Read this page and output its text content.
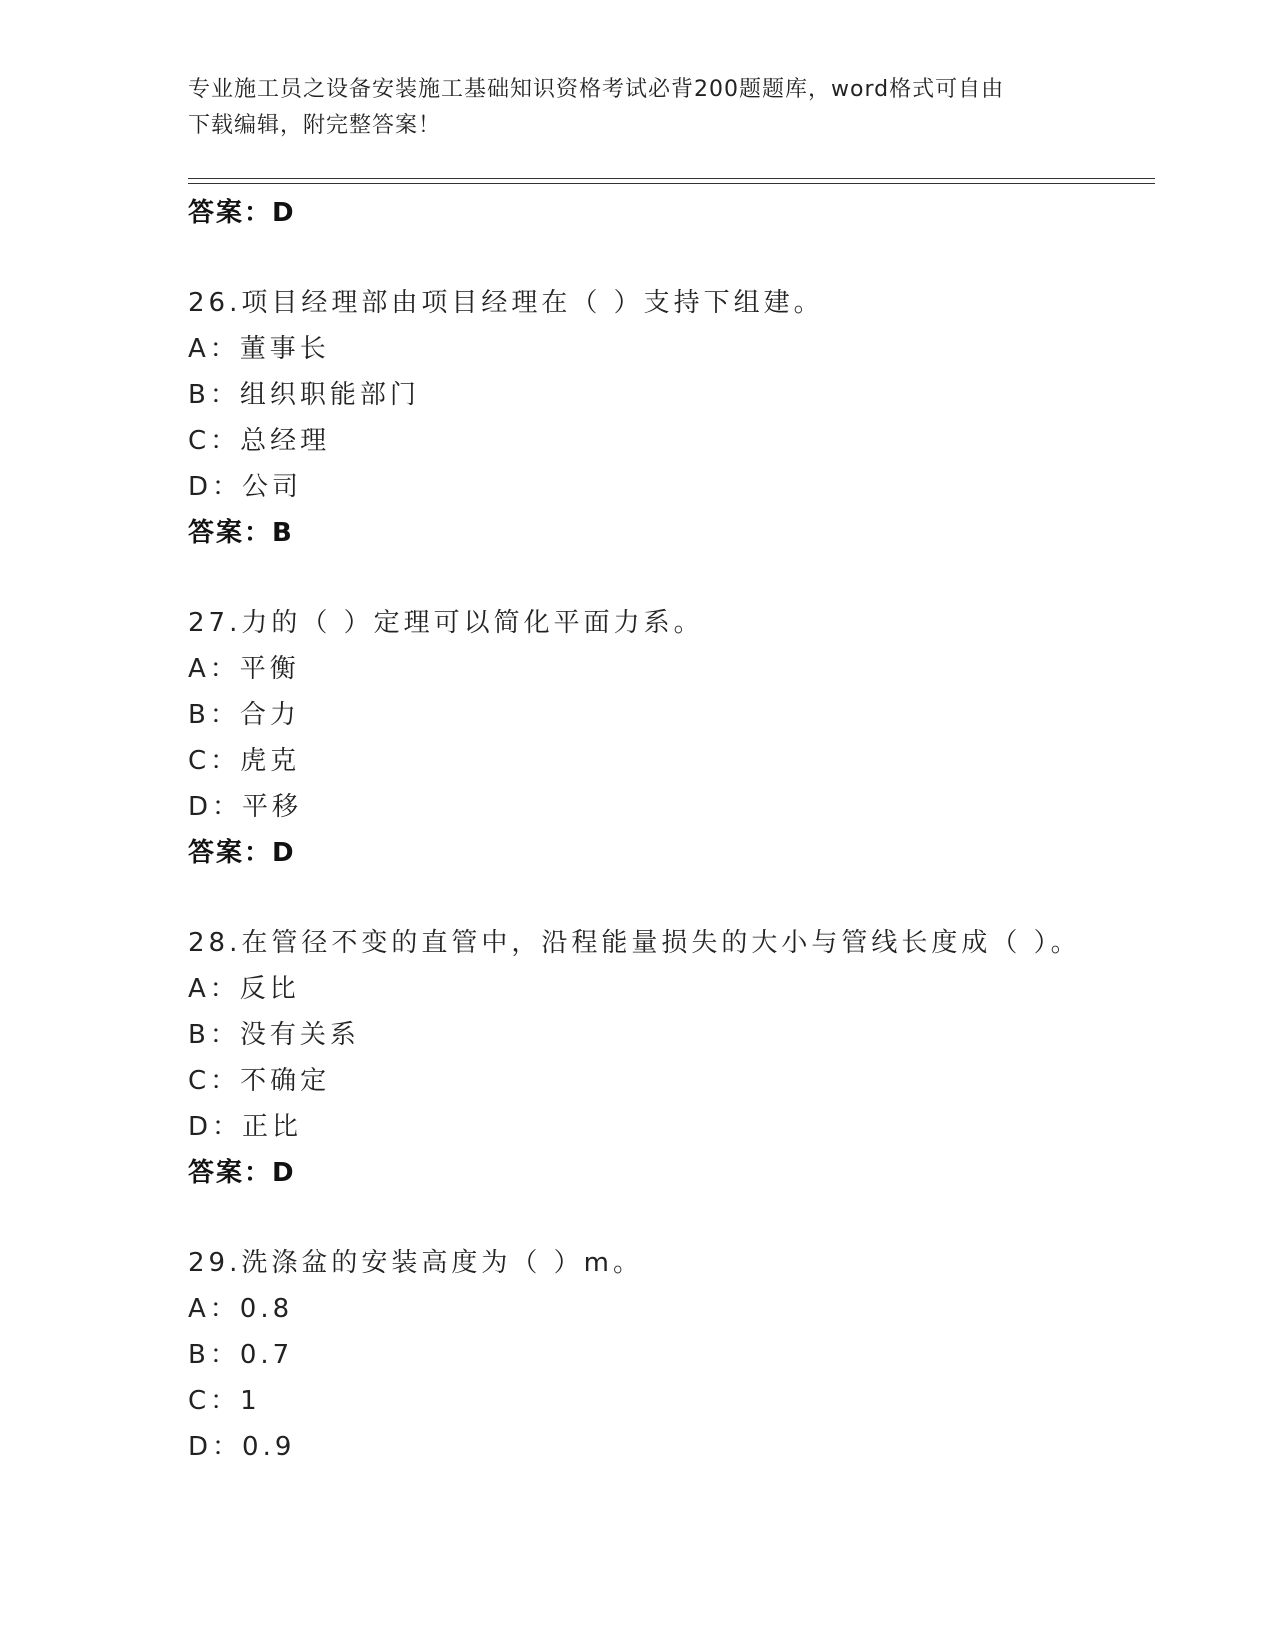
专业施工员之设备安装施工基础知识资格考试必背200题题库，word格式可自由
下载编辑，附完整答案！
答案：D
26.项目经理部由项目经理在（ ）支持下组建。
A：董事长
B：组织职能部门
C：总经理
D：公司
答案：B
27.力的（ ）定理可以简化平面力系。
A：平衡
B：合力
C：虎克
D：平移
答案：D
28.在管径不变的直管中，沿程能量损失的大小与管线长度成（ ）。
A：反比
B：没有关系
C：不确定
D：正比
答案：D
29.洗涤盆的安装高度为（ ）m。
A：0.8
B：0.7
C：1
D：0.9
